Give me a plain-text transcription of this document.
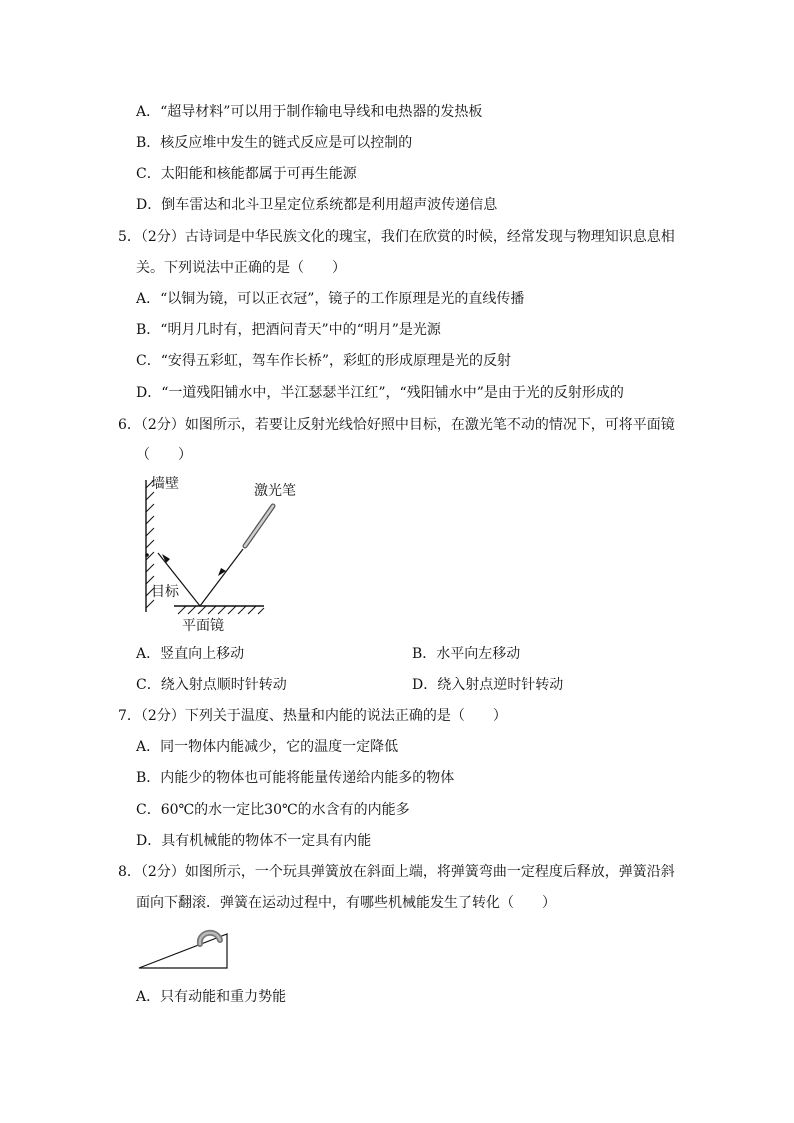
A．“超导材料”可以用于制作输电导线和电热器的发热板
B．核反应堆中发生的链式反应是可以控制的
C．太阳能和核能都属于可再生能源
D．倒车雷达和北斗卫星定位系统都是利用超声波传递信息
5．（2分）古诗词是中华民族文化的瑰宝，我们在欣赏的时候，经常发现与物理知识息息相
关。下列说法中正确的是（　　）
A．“以铜为镜，可以正衣冠”，镜子的工作原理是光的直线传播
B．“明月几时有，把酒问青天”中的“明月”是光源
C．“安得五彩虹，驾车作长桥”，彩虹的形成原理是光的反射
D．“一道残阳铺水中，半江瑟瑟半江红”，“残阳铺水中”是由于光的反射形成的
6．（2分）如图所示，若要让反射光线恰好照中目标，在激光笔不动的情况下，可将平面镜
（　　）
墙壁
目标
平面镜
激光笔
A．竖直向上移动	B．水平向左移动
C．绕入射点顺时针转动	D．绕入射点逆时针转动
7．（2分）下列关于温度、热量和内能的说法正确的是（　　）
A．同一物体内能减少，它的温度一定降低
B．内能少的物体也可能将能量传递给内能多的物体
C．60℃的水一定比30℃的水含有的内能多
D．具有机械能的物体不一定具有内能
8．（2分）如图所示，一个玩具弹簧放在斜面上端，将弹簧弯曲一定程度后释放，弹簧沿斜
面向下翻滚．弹簧在运动过程中，有哪些机械能发生了转化（　　）
A．只有动能和重力势能
